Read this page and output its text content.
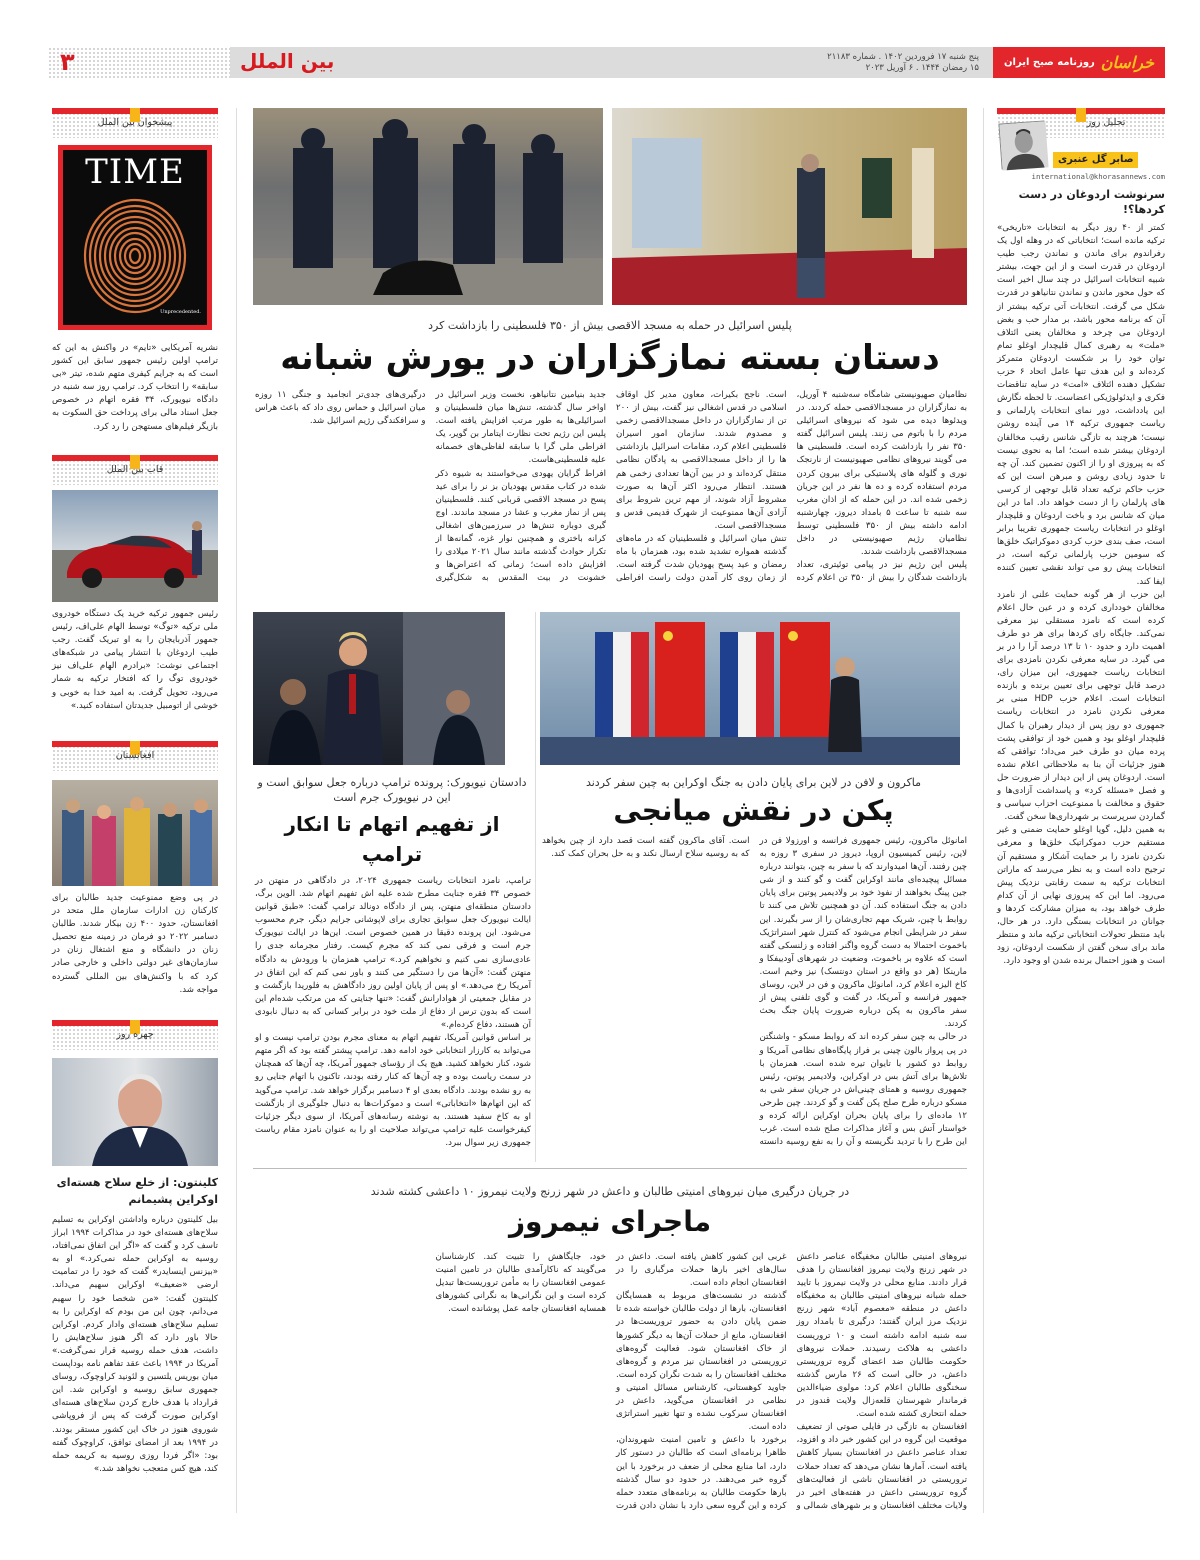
۳	بین الملل	پنج شنبه ۱۷ فروردین ۱۴۰۲ . شماره ۲۱۱۸۳
۱۵ رمضان ۱۴۴۴ . ۶ آوریل ۲۰۲۳	خراسان
روزنامه صبح ایران
تحلیل روز
صابر گل عنبری
international@khorasannews.com
سرنوشت اردوغان در دست کردها؟!

کمتر از ۴۰ روز دیگر به انتخابات «تاریخی» ترکیه مانده است؛ انتخاباتی که در وهله اول یک رفراندوم برای ماندن و نماندن رجب طیب اردوغان در قدرت است و از این جهت، بیشتر شبیه انتخابات اسرائیل در چند سال اخیر است که حول محور ماندن و نماندن نتانیاهو در قدرت شکل می گرفت. انتخابات آتی ترکیه بیشتر از آن که برنامه محور باشد، بر مدار حب و بغض اردوغان می چرخد و مخالفان یعنی ائتلاف «ملت» به رهبری کمال قلیچدار اوغلو تمام توان خود را بر شکست اردوغان متمرکز کرده‌اند و این هدف تنها عامل اتحاد ۶ حزب تشکیل دهنده ائتلاف «امت» در سایه تناقضات فکری و ایدئولوژیکی اعضاست. تا لحظه نگارش این یادداشت، دور نمای انتخابات پارلمانی و ریاست جمهوری ترکیه ۱۴ می آینده روشن نیست؛ هرچند به تازگی شانس رقیب مخالفان اردوغان بیشتر شده است؛ اما به نحوی نیست که به پیروزی او را از اکنون تضمین کند. آن چه تا حدود زیادی روشن و مبرهن است این که حزب حاکم ترکیه تعداد قابل توجهی از کرسی های پارلمان را از دست خواهد داد. اما در این میان که شانس برد و باخت اردوغان و قلیچدار اوغلو در انتخابات ریاست جمهوری تقریبا برابر است، صف بندی حزب کردی دموکراتیک خلق‌ها که سومین حزب پارلمانی ترکیه است، در انتخابات پیش رو می تواند نقشی تعیین کننده ایفا کند.

این حزب از هر گونه حمایت علنی از نامزد مخالفان خودداری کرده و در عین حال اعلام کرده است که نامزد مستقلی نیز معرفی نمی‌کند. جایگاه رای کردها برای هر دو طرف اهمیت دارد و حدود ۱۰ تا ۱۳ درصد آرا را در بر می گیرد. در سایه معرفی نکردن نامزدی برای انتخابات ریاست جمهوری، این میزان رای، درصد قابل توجهی برای تعیین برنده و بازنده انتخابات است. اعلام حزب HDP مبنی بر معرفی نکردن نامزد در انتخابات ریاست جمهوری دو روز پس از دیدار رهبران با کمال قلیچدار اوغلو بود و همین خود از توافقی پشت پرده میان دو طرف خبر می‌داد؛ توافقی که هنوز جزئیات آن بنا به ملاحظاتی اعلام نشده است. اردوغان پس از این دیدار از ضرورت حل و فصل «مسئله کرد» و پاسداشت آزادی‌ها و حقوق و مخالفت با ممنوعیت احزاب سیاسی و گماردن سرپرست بر شهرداری‌ها سخن گفت.

به همین دلیل، گویا اوغلو حمایت ضمنی و غیر مستقیم حزب دموکراتیک خلق‌ها و معرفی نکردن نامزد را بر حمایت آشکار و مستقیم آن ترجیح داده است و به نظر می‌رسد که ماراتن انتخابات ترکیه به سمت رقابتی نزدیک پیش می‌رود. اما این که پیروزی نهایی از آن کدام طرف خواهد بود، به میزان مشارکت کردها و جوانان در انتخابات بستگی دارد. در هر حال، باید منتظر تحولات انتخاباتی ترکیه ماند و منتظر ماند برای سخن گفتن از شکست اردوغان، زود است و هنوز احتمال برنده شدن او وجود دارد.

پیشخوان بین الملل
TIME
Unprecedented.
نشریه آمریکایی «تایم» در واکنش به این که ترامپ اولین رئیس جمهور سابق این کشور است که به جرایم کیفری متهم شده، تیتر «بی سابقه» را انتخاب کرد. ترامپ روز سه شنبه در دادگاه نیویورک، ۳۴ فقره اتهام در خصوص جعل اسناد مالی برای پرداخت حق السکوت به بازیگر فیلم‌های مستهجن را رد کرد.
قاب بین الملل
رئیس جمهور ترکیه خرید یک دستگاه خودروی ملی ترکیه «توگ» توسط الهام علی‌اف، رئیس جمهور آذربایجان را به او تبریک گفت. رجب طیب اردوغان با انتشار پیامی در شبکه‌های اجتماعی نوشت: «برادرم الهام علی‌اف نیز خودروی توگ را که افتخار ترکیه به شمار می‌رود، تحویل گرفت. به امید خدا به خوبی و خوشی از اتومبیل جدیدتان استفاده کنید.»
افغانستان
در پی وضع ممنوعیت جدید طالبان برای کارکنان زن ادارات سازمان ملل متحد در افغانستان، حدود ۴۰۰ زن بیکار شدند. طالبان دسامبر ۲۰۲۲ دو فرمان در زمینه منع تحصیل زنان در دانشگاه و منع اشتغال زنان در سازمان‌های غیر دولتی داخلی و خارجی صادر کرد که با واکنش‌های بین المللی گسترده مواجه شد.
چهره روز
کلینتون: از خلع سلاح هسته‌ای اوکراین پشیمانم
بیل کلینتون درباره واداشتن اوکراین به تسلیم سلاح‌های هسته‌ای خود در مذاکرات ۱۹۹۴ ابراز تاسف کرد و گفت که «اگر این اتفاق نمی‌افتاد، روسیه به اوکراین حمله نمی‌کرد.» او به «بیزنس اینسایدر» گفت که خود را در تمامیت ارضی «ضعیف» اوکراین سهیم می‌داند. کلینتون گفت: «من شخصا خود را سهیم می‌دانم، چون این من بودم که اوکراین را به تسلیم سلاح‌های هسته‌ای وادار کردم. اوکراین حالا باور دارد که اگر هنوز سلاح‌هایش را داشت، هدف حمله روسیه قرار نمی‌گرفت.» آمریکا در ۱۹۹۴ باعث عقد تفاهم نامه بوداپست میان بوریس یلتسین و لئونید کراوچوک، روسای جمهوری سابق روسیه و اوکراین شد. این قرارداد با هدف خارج کردن سلاح‌های هسته‌ای اوکراین صورت گرفت که پس از فروپاشی شوروی هنوز در خاک این کشور مستقر بودند. در ۱۹۹۴ بعد از امضای توافق، کراوچوک گفته بود: «اگر فردا روزی روسیه به کریمه حمله کند، هیچ کس متعجب نخواهد شد.»
پلیس اسرائیل در حمله به مسجد الاقصی بیش از ۳۵۰ فلسطینی را بازداشت کرد
دستان بسته نمازگزاران در یورش شبانه

نظامیان صهیونیستی شامگاه سه‌شنبه ۴ آوریل، به نمازگزاران در مسجدالاقصی حمله کردند. در ویدئوها دیده می شود که نیروهای اسرائیلی مردم را با باتوم می زنند. پلیس اسرائیل گفته ۳۵۰ نفر را بازداشت کرده است. فلسطینی ها می گویند نیروهای نظامی صهیونیست از نارنجک نوری و گلوله های پلاستیکی برای بیرون کردن مردم استفاده کرده و ده ها نفر در این جریان زخمی شده اند. در این حمله که از اذان مغرب سه شنبه تا ساعت ۵ بامداد دیروز، چهارشنبه ادامه داشته بیش از ۳۵۰ فلسطینی توسط نظامیان رژیم صهیونیستی در داخل مسجدالاقصی بازداشت شدند.

پلیس این رژیم نیز در پیامی توئیتری، تعداد بازداشت شدگان را بیش از ۳۵۰ تن اعلام کرده است. ناجح بکیرات، معاون مدیر کل اوقاف اسلامی در قدس اشغالی نیز گفت، بیش از ۲۰۰ تن از نمازگزاران در داخل مسجدالاقصی زخمی و مصدوم شدند. سازمان امور اسیران فلسطینی اعلام کرد، مقامات اسرائیل بازداشتی ها را از داخل مسجدالاقصی به پادگان نظامی منتقل کرده‌اند و در بین آن‌ها تعدادی زخمی هم هستند. انتظار می‌رود اکثر آن‌ها به صورت مشروط آزاد شوند، از مهم ترین شروط برای آزادی آن‌ها ممنوعیت از شهرک قدیمی قدس و مسجدالاقصی است.

تنش میان اسرائیل و فلسطینیان که در ماه‌های گذشته همواره تشدید شده بود، همزمان با ماه رمضان و عید پسح یهودیان شدت گرفته است. از زمان روی کار آمدن دولت راست افراطی جدید بنیامین نتانیاهو، نخست وزیر اسرائیل در اواخر سال گذشته، تنش‌ها میان فلسطینیان و اسرائیلی‌ها به طور مرتب افزایش یافته است. پلیس این رژیم تحت نظارت ایتامار بن گویر، یک افراطی ملی گرا با سابقه لفاظی‌های خصمانه علیه فلسطینی‌هاست.

افراط گرایان یهودی می‌خواستند به شیوه ذکر شده در کتاب مقدس یهودیان بز نر را برای عید پسح در مسجد الاقصی قربانی کنند. فلسطینیان پس از نماز مغرب و عشا در مسجد ماندند. اوج گیری دوباره تنش‌ها در سرزمین‌های اشغالی کرانه باختری و همچنین نوار غزه، گمانه‌ها از تکرار حوادث گذشته مانند سال ۲۰۲۱ میلادی را افزایش داده است؛ زمانی که اعتراض‌ها و خشونت در بیت المقدس به شکل‌گیری درگیری‌های جدی‌تر انجامید و جنگی ۱۱ روزه میان اسرائیل و حماس روی داد که باعث هراس و سرافکندگی رژیم اسرائیل شد.

دادستان نیویورک: پرونده ترامپ درباره جعل سوابق است و این در نیویورک جرم است
از تفهیم اتهام تا انکار ترامپ

ترامپ، نامزد انتخابات ریاست جمهوری ۲۰۲۴، در دادگاهی در منهتن در خصوص ۳۴ فقره جنایت مطرح شده علیه اش تفهیم اتهام شد. الوین برگ، دادستان منطقه‌ای منهتن، پس از دادگاه دونالد ترامپ گفت: «طبق قوانین ایالت نیویورک جعل سوابق تجاری برای لاپوشانی جرایم دیگر، جرم محسوب می‌شود. این پرونده دقیقا در همین خصوص است. این‌ها در ایالت نیویورک جرم است و فرقی نمی کند که مجرم کیست. رفتار مجرمانه جدی را عادی‌سازی نمی کنیم و نخواهیم کرد.» ترامپ همزمان با ورودش به دادگاه منهتن گفت: «آن‌ها من را دستگیر می کنند و باور نمی کنم که این اتفاق در آمریکا رخ می‌دهد.» او پس از پایان اولین روز دادگاهش به فلوریدا بازگشت و در مقابل جمعیتی از هوادارانش گفت: «تنها جنایتی که من مرتکب شده‌ام این است که بدون ترس از دفاع از ملت خود در برابر کسانی که به دنبال نابودی آن هستند، دفاع کرده‌ام.»

بر اساس قوانین آمریکا، تفهیم اتهام به معنای مجرم بودن ترامپ نیست و او می‌تواند به کارزار انتخاباتی خود ادامه دهد. ترامپ پیشتر گفته بود که اگر متهم شود، کنار نخواهد کشید. هیچ یک از رؤسای جمهور آمریکا، چه آن‌ها که همچنان در سمت ریاست بوده و چه آن‌ها که کنار رفته بودند، تاکنون با اتهام جنایی رو به رو نشده بودند. دادگاه بعدی او ۴ دسامبر برگزار خواهد شد. ترامپ می‌گوید که این اتهام‌ها «انتخاباتی» است و دموکرات‌ها به دنبال جلوگیری از بازگشت او به کاخ سفید هستند. به نوشته رسانه‌های آمریکا، از سوی دیگر جزئیات کیفرخواست علیه ترامپ می‌تواند صلاحیت او را به عنوان نامزد مقام ریاست جمهوری زیر سوال ببرد.

ماکرون و لافن در لاین برای پایان دادن به جنگ اوکراین به چین سفر کردند
پکن در نقش میانجی

امانوئل ماکرون، رئیس جمهوری فرانسه و اورزولا فن در لاین، رئیس کمیسیون اروپا، دیروز در سفری ۳ روزه به چین رفتند. آن‌ها امیدوارند که با سفر به چین، بتوانند درباره مسائل پیچیده‌ای مانند اوکراین گفت و گو کنند و از شی جین پینگ بخواهند از نفوذ خود بر ولادیمیر پوتین برای پایان دادن به جنگ استفاده کند. آن دو همچنین تلاش می کنند تا روابط با چین، شریک مهم تجاری‌شان را از سر بگیرند. این سفر در شرایطی انجام می‌شود که کنترل شهر استراتژیک باخموت احتمالا به دست گروه واگنر افتاده و زلنسکی گفته است که علاوه بر باخموت، وضعیت در شهرهای آودییفکا و مارینکا (هر دو واقع در استان دونتسک) نیز وخیم است. کاخ الیزه اعلام کرد، امانوئل ماکرون و فن در لاین، روسای جمهور فرانسه و آمریکا، در گفت و گوی تلفنی پیش از سفر ماکرون به پکن درباره ضرورت پایان جنگ بحث کردند.

در حالی به چین سفر کرده اند که روابط مسکو - واشنگتن در پی پرواز بالون چینی بر فراز پایگاه‌های نظامی آمریکا و روابط دو کشور با تایوان تیره شده است. همزمان با تلاش‌ها برای آتش بس در اوکراین، ولادیمیر پوتین، رئیس جمهوری روسیه و همتای چینی‌اش در جریان سفر شی به مسکو درباره طرح صلح پکن گفت و گو کردند. چین طرحی ۱۲ ماده‌ای را برای پایان بحران اوکراین ارائه کرده و خواستار آتش بس و آغاز مذاکرات صلح شده است. غرب این طرح را با تردید نگریسته و آن را به نفع روسیه دانسته است. آقای ماکرون گفته است قصد دارد از چین بخواهد که به روسیه سلاح ارسال نکند و به حل بحران کمک کند.

در جریان درگیری میان نیروهای امنیتی طالبان و داعش در شهر زرنج ولایت نیمروز ۱۰ داعشی کشته شدند
ماجرای نیمروز

نیروهای امنیتی طالبان مخفیگاه عناصر داعش در شهر زرنج ولایت نیمروز افغانستان را هدف قرار دادند. منابع محلی در ولایت نیمروز با تایید حمله شبانه نیروهای امنیتی طالبان به مخفیگاه داعش در منطقه «معصوم آباد» شهر زرنج نزدیک مرز ایران گفتند: درگیری تا بامداد روز سه شنبه ادامه داشته است و ۱۰ تروریست داعشی به هلاکت رسیدند. حملات نیروهای حکومت طالبان ضد اعضای گروه تروریستی داعش، در حالی است که ۲۶ مارس گذشته سخنگوی طالبان اعلام کرد: مولوی ضیاءالدین فرماندار شهرستان قلعه‌زال ولایت قندوز در حمله انتحاری کشته شده است.

افغانستان به تازگی در فایلی صوتی از تضعیف موقعیت این گروه در این کشور خبر داد و افزود، تعداد عناصر داعش در افغانستان بسیار کاهش یافته است. آمارها نشان می‌دهد که تعداد حملات تروریستی در افغانستان ناشی از فعالیت‌های گروه تروریستی داعش در هفته‌های اخیر در ولایات مختلف افغانستان و بر شهرهای شمالی و غربی این کشور کاهش یافته است. داعش در سال‌های اخیر بارها حملات مرگباری را در افغانستان انجام داده است.

گذشته در نشست‌های مربوط به همسایگان افغانستان، بارها از دولت طالبان خواسته شده تا ضمن پایان دادن به حضور تروریست‌ها در افغانستان، مانع از حملات آن‌ها به دیگر کشورها از خاک افغانستان شود. فعالیت گروه‌های تروریستی در افغانستان نیز مردم و گروه‌های مختلف افغانستان را به شدت نگران کرده است. جاوید کوهستانی، کارشناس مسائل امنیتی و نظامی در افغانستان می‌گوید، داعش در افغانستان سرکوب نشده و تنها تغییر استراتژی داده است.

برخورد با داعش و تامین امنیت شهروندان، ظاهرا برنامه‌ای است که طالبان در دستور کار دارد، اما منابع محلی از ضعف در برخورد با این گروه خبر می‌دهند. در حدود دو سال گذشته بارها حکومت طالبان به برنامه‌های متعدد حمله کرده و این گروه سعی دارد با نشان دادن قدرت خود، جایگاهش را تثبیت کند. کارشناسان می‌گویند که ناکارآمدی طالبان در تامین امنیت عمومی افغانستان را به مأمن تروریست‌ها تبدیل کرده است و این نگرانی‌ها به نگرانی کشورهای همسایه افغانستان جامه عمل پوشانده است.
